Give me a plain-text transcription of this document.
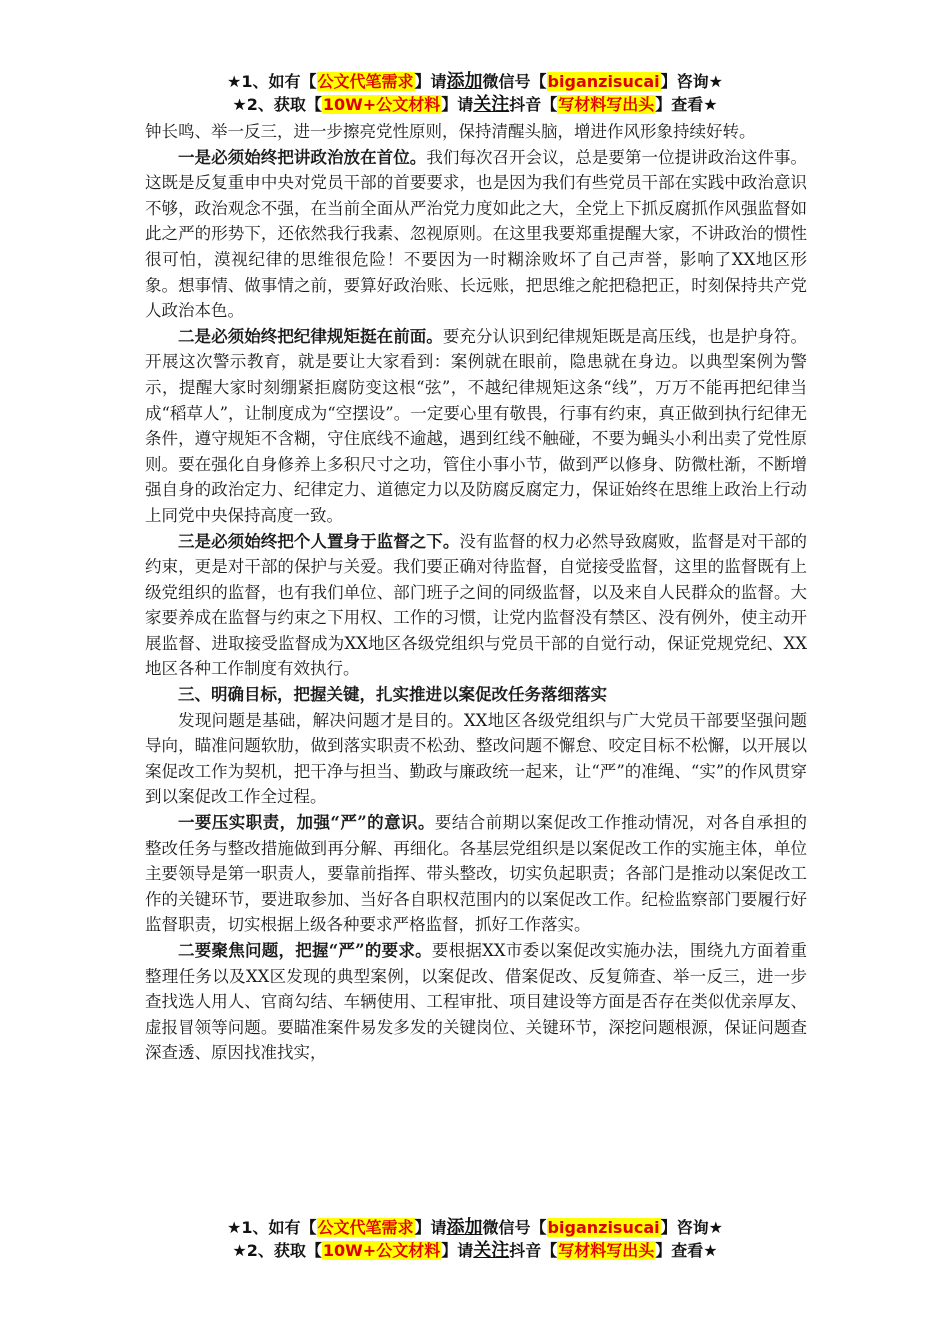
★1、如有【公文代笔需求】请添加微信号【biganzisucai】咨询★
★2、获取【10W+公文材料】请关注抖音【写材料写出头】查看★

钟长鸣、举一反三，进一步擦亮党性原则，保持清醒头脑，增进作风形象持续好转。

一是必须始终把讲政治放在首位。我们每次召开会议，总是要第一位提讲政治这件事。这既是反复重申中央对党员干部的首要要求，也是因为我们有些党员干部在实践中政治意识不够，政治观念不强，在当前全面从严治党力度如此之大，全党上下抓反腐抓作风强监督如此之严的形势下，还依然我行我素、忽视原则。在这里我要郑重提醒大家，不讲政治的惯性很可怕，漠视纪律的思维很危险！不要因为一时糊涂败坏了自己声誉，影响了XX地区形象。想事情、做事情之前，要算好政治账、长远账，把思维之舵把稳把正，时刻保持共产党人政治本色。

二是必须始终把纪律规矩挺在前面。要充分认识到纪律规矩既是高压线，也是护身符。开展这次警示教育，就是要让大家看到：案例就在眼前，隐患就在身边。以典型案例为警示，提醒大家时刻绷紧拒腐防变这根“弦”，不越纪律规矩这条“线”，万万不能再把纪律当成“稻草人”，让制度成为“空摆设”。一定要心里有敬畏，行事有约束，真正做到执行纪律无条件，遵守规矩不含糊，守住底线不逾越，遇到红线不触碰，不要为蝇头小利出卖了党性原则。要在强化自身修养上多积尺寸之功，管住小事小节，做到严以修身、防微杜渐，不断增强自身的政治定力、纪律定力、道德定力以及防腐反腐定力，保证始终在思维上政治上行动上同党中央保持高度一致。

三是必须始终把个人置身于监督之下。没有监督的权力必然导致腐败，监督是对干部的约束，更是对干部的保护与关爱。我们要正确对待监督，自觉接受监督，这里的监督既有上级党组织的监督，也有我们单位、部门班子之间的同级监督，以及来自人民群众的监督。大家要养成在监督与约束之下用权、工作的习惯，让党内监督没有禁区、没有例外，使主动开展监督、进取接受监督成为XX地区各级党组织与党员干部的自觉行动，保证党规党纪、XX地区各种工作制度有效执行。

三、明确目标，把握关键，扎实推进以案促改任务落细落实

发现问题是基础，解决问题才是目的。XX地区各级党组织与广大党员干部要坚强问题导向，瞄准问题软肋，做到落实职责不松劲、整改问题不懈怠、咬定目标不松懈，以开展以案促改工作为契机，把干净与担当、勤政与廉政统一起来，让“严”的准绳、“实”的作风贯穿到以案促改工作全过程。

一要压实职责，加强“严”的意识。要结合前期以案促改工作推动情况，对各自承担的整改任务与整改措施做到再分解、再细化。各基层党组织是以案促改工作的实施主体，单位主要领导是第一职责人，要靠前指挥、带头整改，切实负起职责；各部门是推动以案促改工作的关键环节，要进取参加、当好各自职权范围内的以案促改工作。纪检监察部门要履行好监督职责，切实根据上级各种要求严格监督，抓好工作落实。

二要聚焦问题，把握“严”的要求。要根据XX市委以案促改实施办法，围绕九方面着重整理任务以及XX区发现的典型案例，以案促改、借案促改、反复筛查、举一反三，进一步查找选人用人、官商勾结、车辆使用、工程审批、项目建设等方面是否存在类似优亲厚友、虚报冒领等问题。要瞄准案件易发多发的关键岗位、关键环节，深挖问题根源，保证问题查深查透、原因找准找实，

★1、如有【公文代笔需求】请添加微信号【biganzisucai】咨询★
★2、获取【10W+公文材料】请关注抖音【写材料写出头】查看★
